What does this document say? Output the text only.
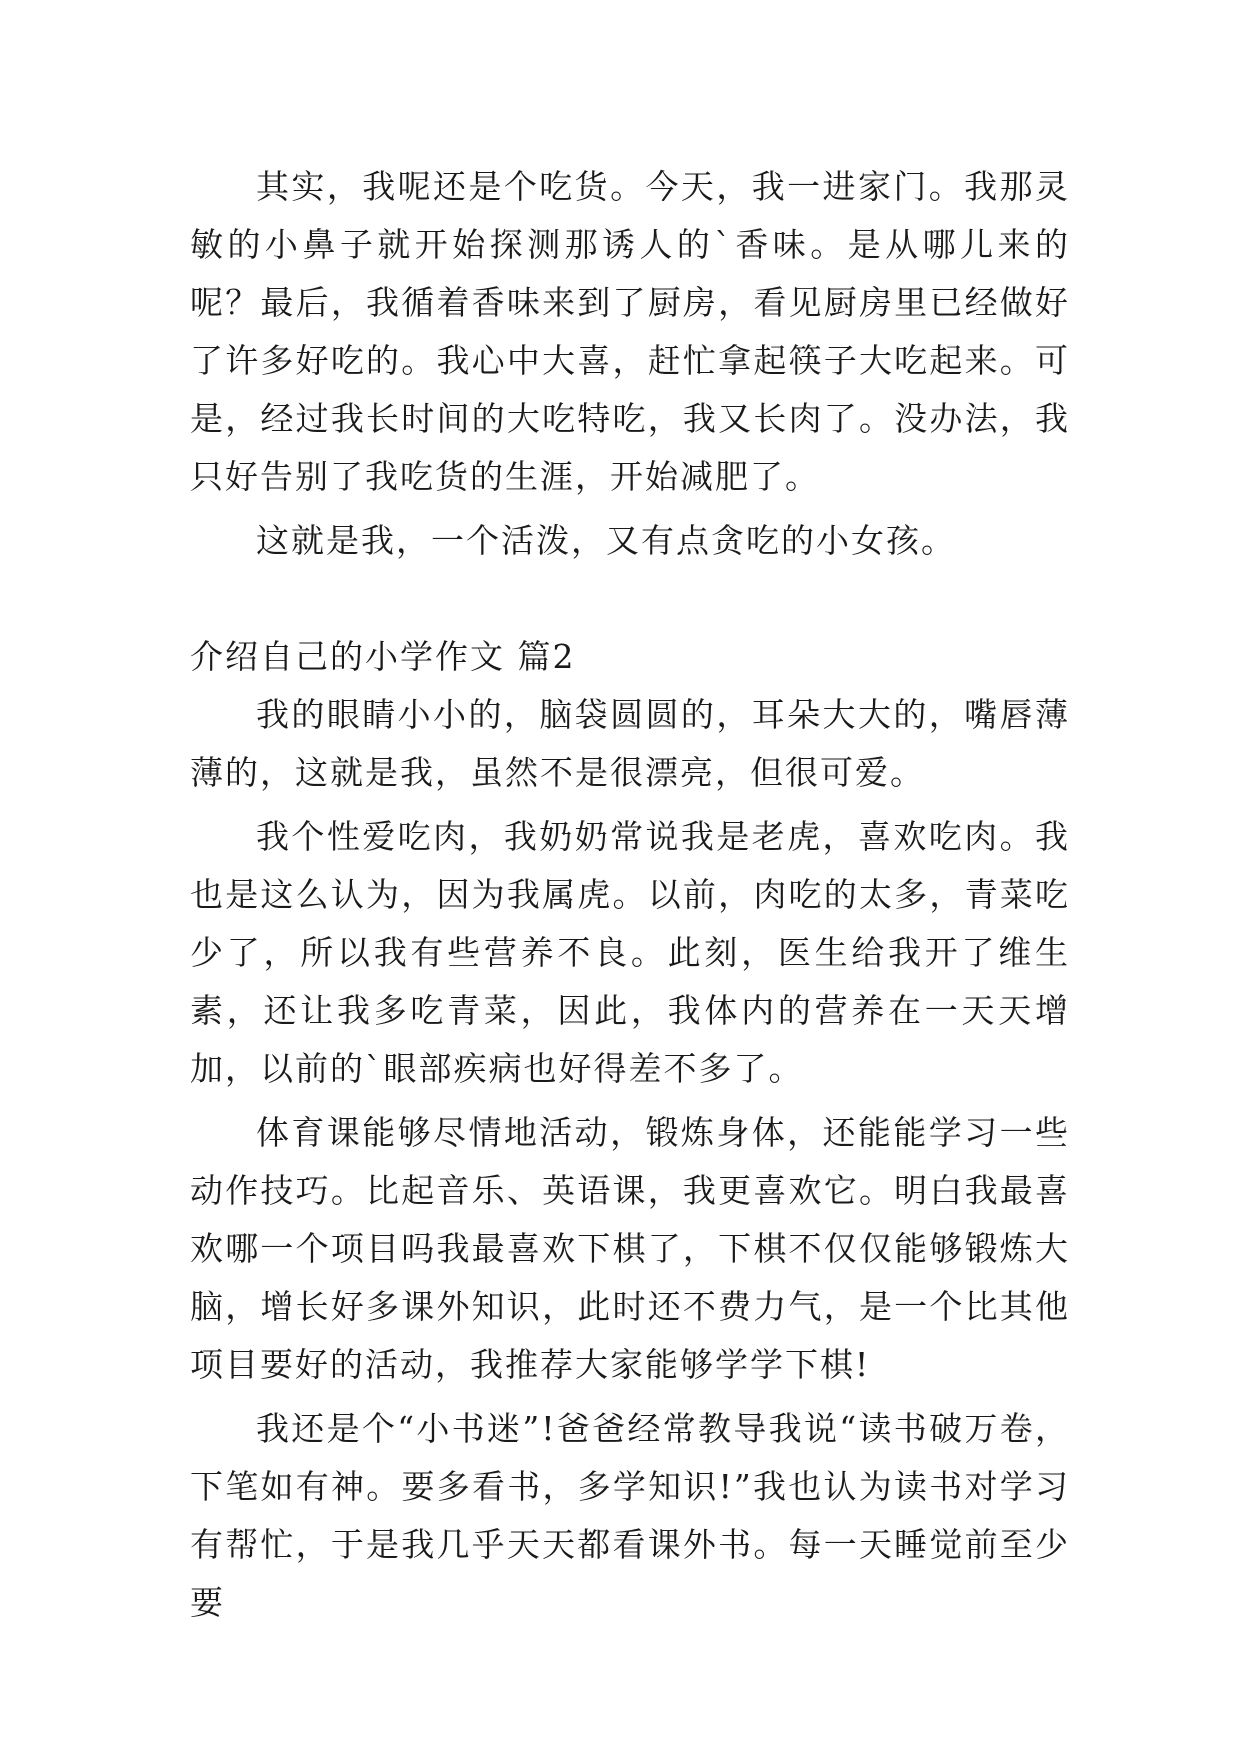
其实，我呢还是个吃货。今天，我一进家门。我那灵敏的小鼻子就开始探测那诱人的`香味。是从哪儿来的呢？最后，我循着香味来到了厨房，看见厨房里已经做好了许多好吃的。我心中大喜，赶忙拿起筷子大吃起来。可是，经过我长时间的大吃特吃，我又长肉了。没办法，我只好告别了我吃货的生涯，开始减肥了。

这就是我，一个活泼，又有点贪吃的小女孩。

介绍自己的小学作文 篇2

我的眼睛小小的，脑袋圆圆的，耳朵大大的，嘴唇薄薄的，这就是我，虽然不是很漂亮，但很可爱。

我个性爱吃肉，我奶奶常说我是老虎，喜欢吃肉。我也是这么认为，因为我属虎。以前，肉吃的太多，青菜吃少了，所以我有些营养不良。此刻，医生给我开了维生素，还让我多吃青菜，因此，我体内的营养在一天天增加，以前的`眼部疾病也好得差不多了。

体育课能够尽情地活动，锻炼身体，还能能学习一些动作技巧。比起音乐、英语课，我更喜欢它。明白我最喜欢哪一个项目吗我最喜欢下棋了，下棋不仅仅能够锻炼大脑，增长好多课外知识，此时还不费力气，是一个比其他项目要好的活动，我推荐大家能够学学下棋!

我还是个“小书迷”!爸爸经常教导我说“读书破万卷，下笔如有神。要多看书，多学知识!”我也认为读书对学习有帮忙，于是我几乎天天都看课外书。每一天睡觉前至少要
